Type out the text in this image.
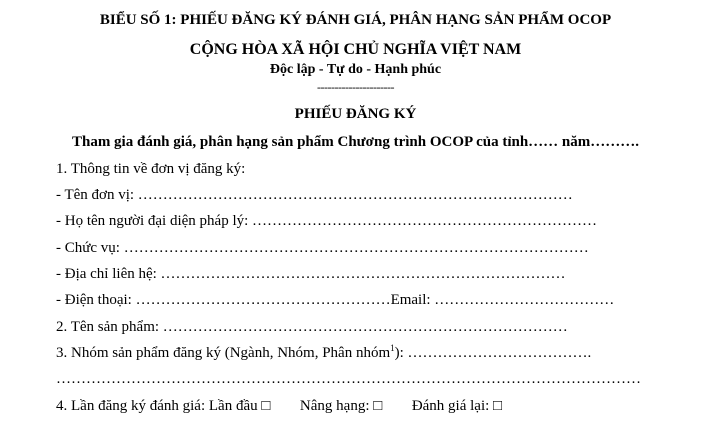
BIỂU SỐ 1: PHIẾU ĐĂNG KÝ ĐÁNH GIÁ, PHÂN HẠNG SẢN PHẨM OCOP
CỘNG HÒA XÃ HỘI CHỦ NGHĨA VIỆT NAM
Độc lập - Tự do - Hạnh phúc
----------------------
PHIẾU ĐĂNG KÝ
Tham gia đánh giá, phân hạng sản phẩm Chương trình OCOP của tỉnh…… năm……….
1. Thông tin về đơn vị đăng ký:
- Tên đơn vị: ……………………………………………………………………………
- Họ tên người đại diện pháp lý: ……………………………………………………………
- Chức vụ: …………………………………………………………………………………
- Địa chỉ liên hệ: ………………………………………………………………………
- Điện thoại: ……………………………………………Email: ………………………………
2. Tên sản phẩm: ………………………………………………………………………
3. Nhóm sản phẩm đăng ký (Ngành, Nhóm, Phân nhóm$^1$): ……………………………….
………………………………………………………………………………………………………
4. Lần đăng ký đánh giá: Lần đầu □ Nâng hạng: □ Đánh giá lại: □
